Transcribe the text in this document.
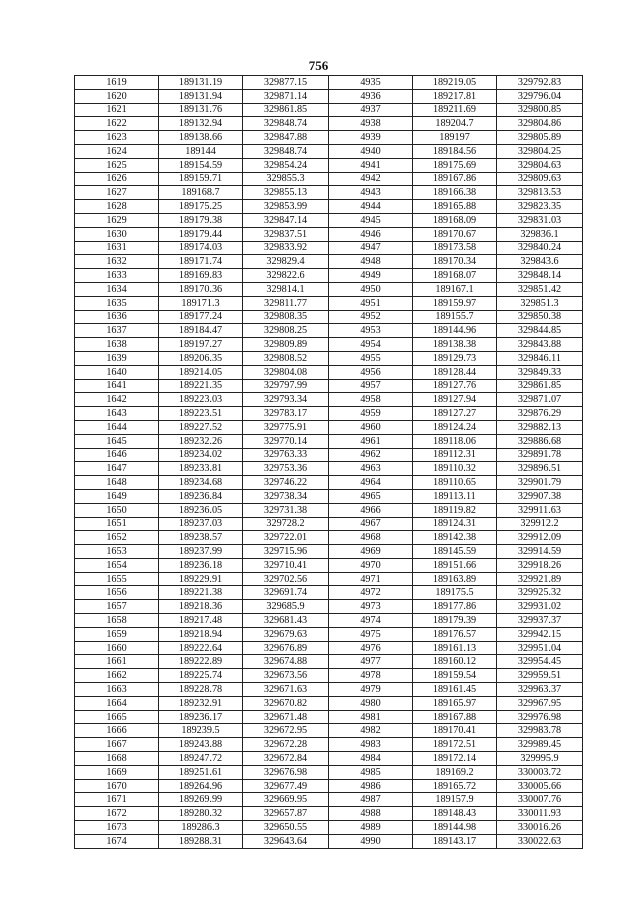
756
1619	189131.19	329877.15	4935	189219.05	329792.83
1620	189131.94	329871.14	4936	189217.81	329796.04
1621	189131.76	329861.85	4937	189211.69	329800.85
1622	189132.94	329848.74	4938	189204.7	329804.86
1623	189138.66	329847.88	4939	189197	329805.89
1624	189144	329848.74	4940	189184.56	329804.25
1625	189154.59	329854.24	4941	189175.69	329804.63
1626	189159.71	329855.3	4942	189167.86	329809.63
1627	189168.7	329855.13	4943	189166.38	329813.53
1628	189175.25	329853.99	4944	189165.88	329823.35
1629	189179.38	329847.14	4945	189168.09	329831.03
1630	189179.44	329837.51	4946	189170.67	329836.1
1631	189174.03	329833.92	4947	189173.58	329840.24
1632	189171.74	329829.4	4948	189170.34	329843.6
1633	189169.83	329822.6	4949	189168.07	329848.14
1634	189170.36	329814.1	4950	189167.1	329851.42
1635	189171.3	329811.77	4951	189159.97	329851.3
1636	189177.24	329808.35	4952	189155.7	329850.38
1637	189184.47	329808.25	4953	189144.96	329844.85
1638	189197.27	329809.89	4954	189138.38	329843.88
1639	189206.35	329808.52	4955	189129.73	329846.11
1640	189214.05	329804.08	4956	189128.44	329849.33
1641	189221.35	329797.99	4957	189127.76	329861.85
1642	189223.03	329793.34	4958	189127.94	329871.07
1643	189223.51	329783.17	4959	189127.27	329876.29
1644	189227.52	329775.91	4960	189124.24	329882.13
1645	189232.26	329770.14	4961	189118.06	329886.68
1646	189234.02	329763.33	4962	189112.31	329891.78
1647	189233.81	329753.36	4963	189110.32	329896.51
1648	189234.68	329746.22	4964	189110.65	329901.79
1649	189236.84	329738.34	4965	189113.11	329907.38
1650	189236.05	329731.38	4966	189119.82	329911.63
1651	189237.03	329728.2	4967	189124.31	329912.2
1652	189238.57	329722.01	4968	189142.38	329912.09
1653	189237.99	329715.96	4969	189145.59	329914.59
1654	189236.18	329710.41	4970	189151.66	329918.26
1655	189229.91	329702.56	4971	189163.89	329921.89
1656	189221.38	329691.74	4972	189175.5	329925.32
1657	189218.36	329685.9	4973	189177.86	329931.02
1658	189217.48	329681.43	4974	189179.39	329937.37
1659	189218.94	329679.63	4975	189176.57	329942.15
1660	189222.64	329676.89	4976	189161.13	329951.04
1661	189222.89	329674.88	4977	189160.12	329954.45
1662	189225.74	329673.56	4978	189159.54	329959.51
1663	189228.78	329671.63	4979	189161.45	329963.37
1664	189232.91	329670.82	4980	189165.97	329967.95
1665	189236.17	329671.48	4981	189167.88	329976.98
1666	189239.5	329672.95	4982	189170.41	329983.78
1667	189243.88	329672.28	4983	189172.51	329989.45
1668	189247.72	329672.84	4984	189172.14	329995.9
1669	189251.61	329676.98	4985	189169.2	330003.72
1670	189264.96	329677.49	4986	189165.72	330005.66
1671	189269.99	329669.95	4987	189157.9	330007.76
1672	189280.32	329657.87	4988	189148.43	330011.93
1673	189286.3	329650.55	4989	189144.98	330016.26
1674	189288.31	329643.64	4990	189143.17	330022.63
